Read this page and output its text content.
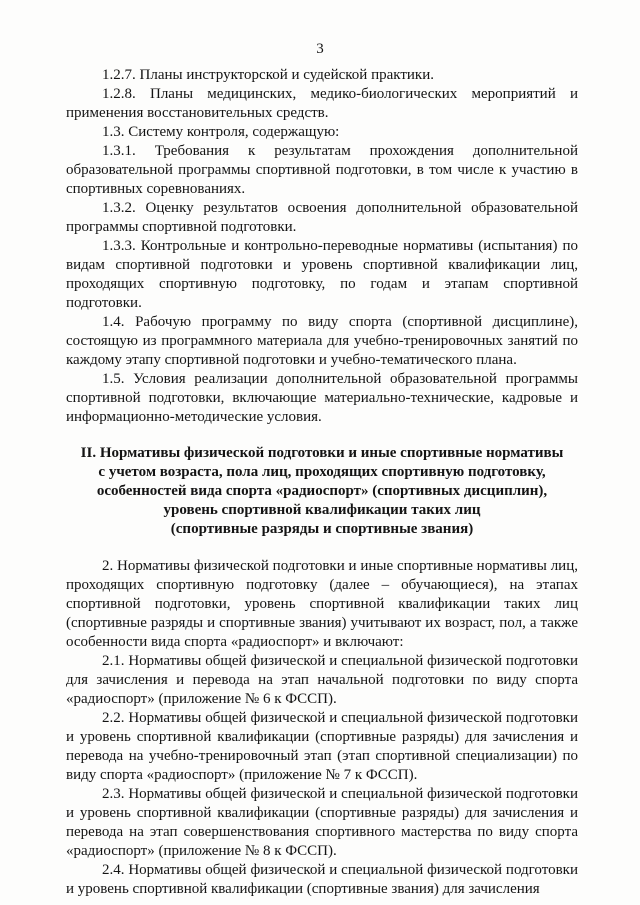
3

1.2.7. Планы инструкторской и судейской практики.

1.2.8. Планы медицинских, медико-биологических мероприятий и применения восстановительных средств.

1.3. Систему контроля, содержащую:

1.3.1. Требования к результатам прохождения дополнительной образовательной программы спортивной подготовки, в том числе к участию в спортивных соревнованиях.

1.3.2. Оценку результатов освоения дополнительной образовательной программы спортивной подготовки.

1.3.3. Контрольные и контрольно-переводные нормативы (испытания) по видам спортивной подготовки и уровень спортивной квалификации лиц, проходящих спортивную подготовку, по годам и этапам спортивной подготовки.

1.4. Рабочую программу по виду спорта (спортивной дисциплине), состоящую из программного материала для учебно-тренировочных занятий по каждому этапу спортивной подготовки и учебно-тематического плана.

1.5. Условия реализации дополнительной образовательной программы спортивной подготовки, включающие материально-технические, кадровые и информационно-методические условия.

II. Нормативы физической подготовки и иные спортивные нормативы
с учетом возраста, пола лиц, проходящих спортивную подготовку,
особенностей вида спорта «радиоспорт» (спортивных дисциплин),
уровень спортивной квалификации таких лиц
(спортивные разряды и спортивные звания)

2. Нормативы физической подготовки и иные спортивные нормативы лиц, проходящих спортивную подготовку (далее – обучающиеся), на этапах спортивной подготовки, уровень спортивной квалификации таких лиц (спортивные разряды и спортивные звания) учитывают их возраст, пол, а также особенности вида спорта «радиоспорт» и включают:

2.1. Нормативы общей физической и специальной физической подготовки для зачисления и перевода на этап начальной подготовки по виду спорта «радиоспорт» (приложение № 6 к ФССП).

2.2. Нормативы общей физической и специальной физической подготовки и уровень спортивной квалификации (спортивные разряды) для зачисления и перевода на учебно-тренировочный этап (этап спортивной специализации) по виду спорта «радиоспорт» (приложение № 7 к ФССП).

2.3. Нормативы общей физической и специальной физической подготовки и уровень спортивной квалификации (спортивные разряды) для зачисления и перевода на этап совершенствования спортивного мастерства по виду спорта «радиоспорт» (приложение № 8 к ФССП).

2.4. Нормативы общей физической и специальной физической подготовки и уровень спортивной квалификации (спортивные звания) для зачисления
